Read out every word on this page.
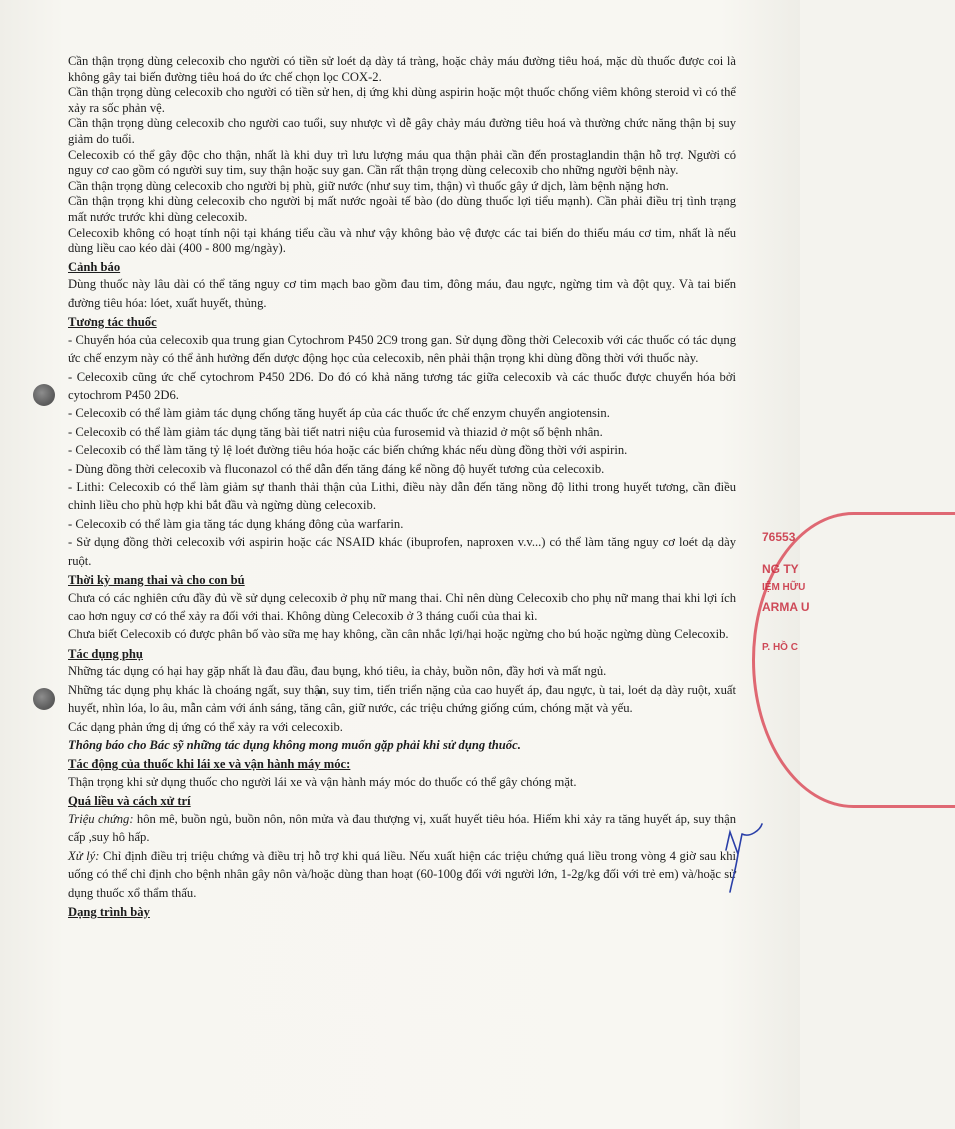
Cần thận trọng dùng celecoxib cho người có tiền sử loét dạ dày tá tràng, hoặc chảy máu đường tiêu hoá, mặc dù thuốc được coi là không gây tai biến đường tiêu hoá do ức chế chọn lọc COX-2.

Cần thận trọng dùng celecoxib cho người có tiền sử hen, dị ứng khi dùng aspirin hoặc một thuốc chống viêm không steroid vì có thể xảy ra sốc phản vệ.

Cần thận trọng dùng celecoxib cho người cao tuổi, suy nhược vì dễ gây chảy máu đường tiêu hoá và thường chức năng thận bị suy giảm do tuổi.

Celecoxib có thể gây độc cho thận, nhất là khi duy trì lưu lượng máu qua thận phải cần đến prostaglandin thận hỗ trợ. Người có nguy cơ cao gồm có người suy tim, suy thận hoặc suy gan. Cần rất thận trọng dùng celecoxib cho những người bệnh này.

Cần thận trọng dùng celecoxib cho người bị phù, giữ nước (như suy tim, thận) vì thuốc gây ứ dịch, làm bệnh nặng hơn.

Cần thận trọng khi dùng celecoxib cho người bị mất nước ngoài tế bào (do dùng thuốc lợi tiểu mạnh). Cần phải điều trị tình trạng mất nước trước khi dùng celecoxib.

Celecoxib không có hoạt tính nội tại kháng tiểu cầu và như vậy không bảo vệ được các tai biến do thiếu máu cơ tim, nhất là nếu dùng liều cao kéo dài (400 - 800 mg/ngày).

Cảnh báo

Dùng thuốc này lâu dài có thể tăng nguy cơ tim mạch bao gồm đau tim, đông máu, đau ngực, ngừng tim và đột quỵ. Và tai biến đường tiêu hóa: lóet, xuất huyết, thủng.

Tương tác thuốc

- Chuyển hóa của celecoxib qua trung gian Cytochrom P450 2C9 trong gan. Sử dụng đồng thời Celecoxib với các thuốc có tác dụng ức chế enzym này có thể ảnh hưởng đến dược động học của celecoxib, nên phải thận trọng khi dùng đồng thời với thuốc này.

- Celecoxib cũng ức chế cytochrom P450 2D6. Do đó có khả năng tương tác giữa celecoxib và các thuốc được chuyển hóa bởi cytochrom P450 2D6.

- Celecoxib có thể làm giảm tác dụng chống tăng huyết áp của các thuốc ức chế enzym chuyển angiotensin.

- Celecoxib có thể làm giảm tác dụng tăng bài tiết natri niệu của furosemid và thiazid ở một số bệnh nhân.

- Celecoxib có thể làm tăng tỷ lệ loét đường tiêu hóa hoặc các biến chứng khác nếu dùng đồng thời với aspirin.

- Dùng đồng thời celecoxib và fluconazol có thể dẫn đến tăng đáng kể nồng độ huyết tương của celecoxib.

- Lithi: Celecoxib có thể làm giảm sự thanh thải thận của Lithi, điều này dẫn đến tăng nồng độ lithi trong huyết tương, cần điều chỉnh liều cho phù hợp khi bắt đầu và ngừng dùng celecoxib.

- Celecoxib có thể làm gia tăng tác dụng kháng đông của warfarin.

- Sử dụng đồng thời celecoxib với aspirin hoặc các NSAID khác (ibuprofen, naproxen v.v...) có thể làm tăng nguy cơ loét dạ dày ruột.

Thời kỳ mang thai và cho con bú

Chưa có các nghiên cứu đầy đủ về sử dụng celecoxib ở phụ nữ mang thai. Chỉ nên dùng Celecoxib cho phụ nữ mang thai khi lợi ích cao hơn nguy cơ có thể xảy ra đối với thai. Không dùng Celecoxib ở 3 tháng cuối của thai kì.

Chưa biết Celecoxib có được phân bố vào sữa mẹ hay không, cần cân nhắc lợi/hại hoặc ngừng cho bú hoặc ngừng dùng Celecoxib.

Tác dụng phụ

Những tác dụng có hại hay gặp nhất là đau đầu, đau bụng, khó tiêu, ỉa chảy, buồn nôn, đầy hơi và mất ngủ.

Những tác dụng phụ khác là choáng ngất, suy thận, suy tim, tiến triển nặng của cao huyết áp, đau ngực, ù tai, loét dạ dày ruột, xuất huyết, nhìn lóa, lo âu, mẫn cảm với ánh sáng, tăng cân, giữ nước, các triệu chứng giống cúm, chóng mặt và yếu.

Các dạng phản ứng dị ứng có thể xảy ra với celecoxib.

Thông báo cho Bác sỹ những tác dụng không mong muốn gặp phải khi sử dụng thuốc.

Tác động của thuốc khi lái xe và vận hành máy móc:

Thận trọng khi sử dụng thuốc cho người lái xe và vận hành máy móc do thuốc có thể gây chóng mặt.

Quá liều và cách xử trí

Triệu chứng: hôn mê, buồn ngủ, buồn nôn, nôn mửa và đau thượng vị, xuất huyết tiêu hóa. Hiếm khi xảy ra tăng huyết áp, suy thận cấp ,suy hô hấp.

Xử lý: Chỉ định điều trị triệu chứng và điều trị hỗ trợ khi quá liều. Nếu xuất hiện các triệu chứng quá liều trong vòng 4 giờ sau khi uống có thể chỉ định cho bệnh nhân gây nôn và/hoặc dùng than hoạt (60-100g đối với người lớn, 1-2g/kg đối với trẻ em) và/hoặc sử dụng thuốc xổ thẩm thấu.

Dạng trình bày

76553
NG TY
IỆM HỮU
ARMA U
P. HỒ C
